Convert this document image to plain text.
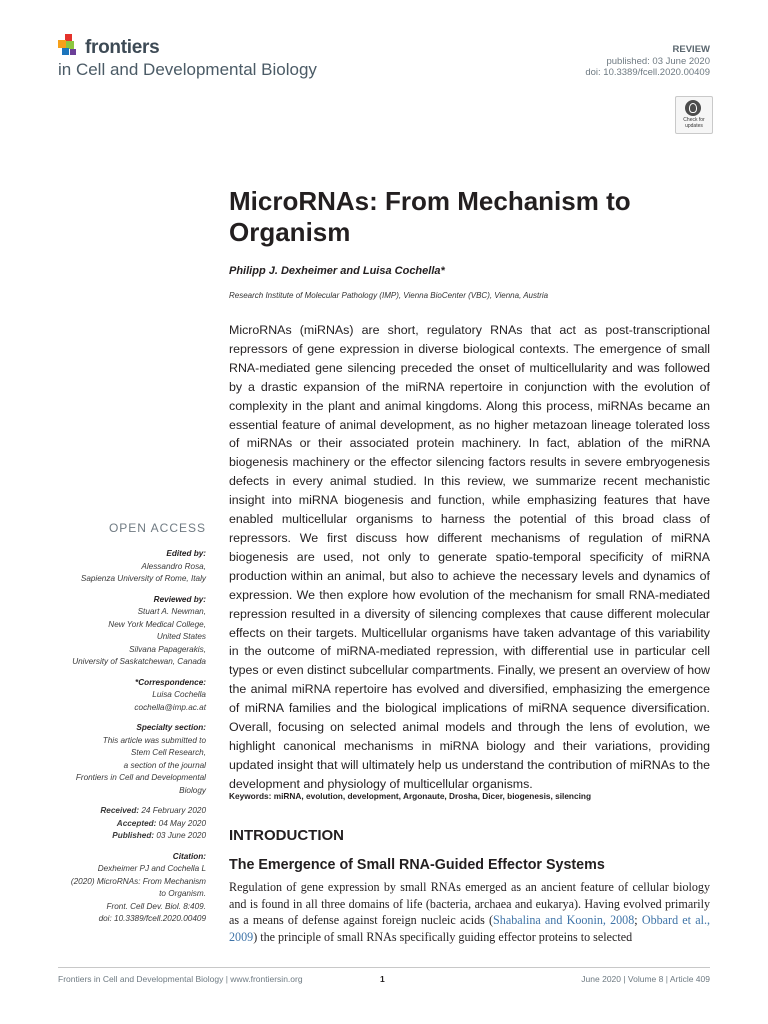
frontiers
in Cell and Developmental Biology
REVIEW
published: 03 June 2020
doi: 10.3389/fcell.2020.00409
Check for
updates
MicroRNAs: From Mechanism to Organism
Philipp J. Dexheimer and Luisa Cochella*
Research Institute of Molecular Pathology (IMP), Vienna BioCenter (VBC), Vienna, Austria

MicroRNAs (miRNAs) are short, regulatory RNAs that act as post-transcriptional repressors of gene expression in diverse biological contexts. The emergence of small RNA-mediated gene silencing preceded the onset of multicellularity and was followed by a drastic expansion of the miRNA repertoire in conjunction with the evolution of complexity in the plant and animal kingdoms. Along this process, miRNAs became an essential feature of animal development, as no higher metazoan lineage tolerated loss of miRNAs or their associated protein machinery. In fact, ablation of the miRNA biogenesis machinery or the effector silencing factors results in severe embryogenesis defects in every animal studied. In this review, we summarize recent mechanistic insight into miRNA biogenesis and function, while emphasizing features that have enabled multicellular organisms to harness the potential of this broad class of repressors. We first discuss how different mechanisms of regulation of miRNA biogenesis are used, not only to generate spatio-temporal specificity of miRNA production within an animal, but also to achieve the necessary levels and dynamics of expression. We then explore how evolution of the mechanism for small RNA-mediated repression resulted in a diversity of silencing complexes that cause different molecular effects on their targets. Multicellular organisms have taken advantage of this variability in the outcome of miRNA-mediated repression, with differential use in particular cell types or even distinct subcellular compartments. Finally, we present an overview of how the animal miRNA repertoire has evolved and diversified, emphasizing the emergence of miRNA families and the biological implications of miRNA sequence diversification. Overall, focusing on selected animal models and through the lens of evolution, we highlight canonical mechanisms in miRNA biology and their variations, providing updated insight that will ultimately help us understand the contribution of miRNAs to the development and physiology of multicellular organisms.

Keywords: miRNA, evolution, development, Argonaute, Drosha, Dicer, biogenesis, silencing
OPEN ACCESS
Edited by:
Alessandro Rosa,
Sapienza University of Rome, Italy
Reviewed by:
Stuart A. Newman,
New York Medical College,
United States
Silvana Papagerakis,
University of Saskatchewan, Canada
*Correspondence:
Luisa Cochella
cochella@imp.ac.at
Specialty section:
This article was submitted to
Stem Cell Research,
a section of the journal
Frontiers in Cell and Developmental
Biology
Received: 24 February 2020
Accepted: 04 May 2020
Published: 03 June 2020
Citation:
Dexheimer PJ and Cochella L
(2020) MicroRNAs: From Mechanism
to Organism.
Front. Cell Dev. Biol. 8:409.
doi: 10.3389/fcell.2020.00409
INTRODUCTION
The Emergence of Small RNA-Guided Effector Systems

Regulation of gene expression by small RNAs emerged as an ancient feature of cellular biology and is found in all three domains of life (bacteria, archaea and eukarya). Having evolved primarily as a means of defense against foreign nucleic acids (Shabalina and Koonin, 2008; Obbard et al., 2009) the principle of small RNAs specifically guiding effector proteins to selected

Frontiers in Cell and Developmental Biology | www.frontiersin.org	1	June 2020 | Volume 8 | Article 409
